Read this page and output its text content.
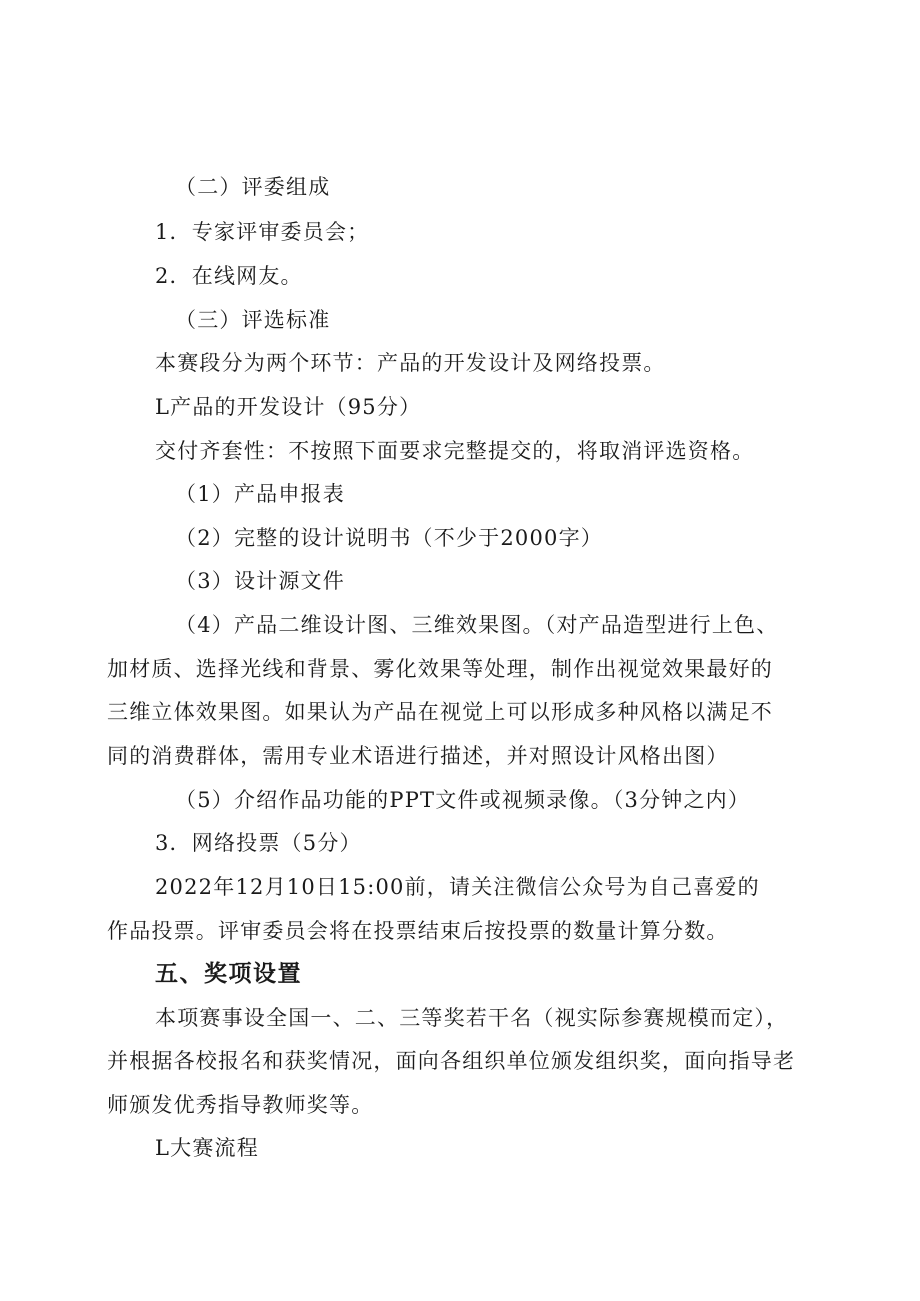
（二）评委组成
1．专家评审委员会；
2．在线网友。
（三）评选标准
本赛段分为两个环节：产品的开发设计及网络投票。
L产品的开发设计（95分）
交付齐套性：不按照下面要求完整提交的，将取消评选资格。
（1）产品申报表
（2）完整的设计说明书（不少于2000字）
（3）设计源文件
（4）产品二维设计图、三维效果图。（对产品造型进行上色、
加材质、选择光线和背景、雾化效果等处理，制作出视觉效果最好的
三维立体效果图。如果认为产品在视觉上可以形成多种风格以满足不
同的消费群体，需用专业术语进行描述，并对照设计风格出图）
（5）介绍作品功能的PPT文件或视频录像。（3分钟之内）
3．网络投票（5分）
2022年12月10日15:00前，请关注微信公众号为自己喜爱的
作品投票。评审委员会将在投票结束后按投票的数量计算分数。
五、奖项设置
本项赛事设全国一、二、三等奖若干名（视实际参赛规模而定），
并根据各校报名和获奖情况，面向各组织单位颁发组织奖，面向指导老
师颁发优秀指导教师奖等。
L大赛流程
